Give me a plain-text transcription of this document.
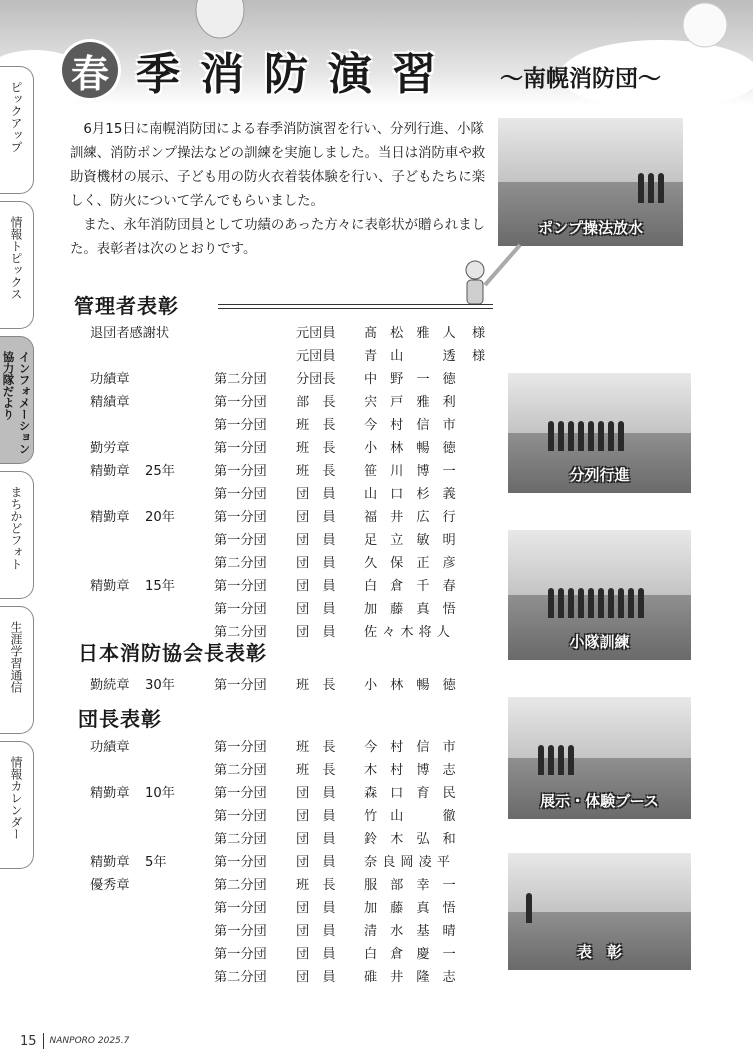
春 季 消 防 演 習	～南幌消防団～
ピックアップ
情報トピックス
インフォメーション協力隊だより
まちかどフォト
生涯学習通信
情報カレンダー

6月15日に南幌消防団による春季消防演習を行い、分列行進、小隊訓練、消防ポンプ操法などの訓練を実施しました。当日は消防車や救助資機材の展示、子ども用の防火衣着装体験を行い、子どもたちに楽しく、防火について学んでもらいました。

また、永年消防団員として功績のあった方々に表彰状が贈られました。表彰者は次のとおりです。

ポンプ操法放水
分列行進
小隊訓練
展示・体験ブース
表　彰
管理者表彰
退団者感謝状	元団員 髙松雅人 様
元団員 青山　透 様
功績章	第二分団 分団長 中野一徳
精績章	第一分団 部　長 宍戸雅利
第一分団 班　長 今村信市
勤労章	第一分団 班　長 小林暢徳
精勤章 25年	第一分団 班　長 笹川博一
第一分団 団　員 山口杉義
精勤章 20年	第一分団 団　員 福井広行
第一分団 団　員 足立敏明
第二分団 団　員 久保正彦
精勤章 15年	第一分団 団　員 白倉千春
第一分団 団　員 加藤真悟
第二分団 団　員 佐々木将人
日本消防協会長表彰
勤続章 30年	第一分団 班　長 小林暢徳
団長表彰
功績章	第一分団 班　長 今村信市
第二分団 班　長 木村博志
精勤章 10年	第一分団 団　員 森口育民
第一分団 団　員 竹山　徹
第二分団 団　員 鈴木弘和
精勤章 5年	第一分団 団　員 奈良岡凌平
優秀章	第二分団 班　長 服部幸一
第一分団 団　員 加藤真悟
第一分団 団　員 清水基晴
第一分団 団　員 白倉慶一
第二分団 団　員 碓井隆志
15 NANPORO 2025.7
